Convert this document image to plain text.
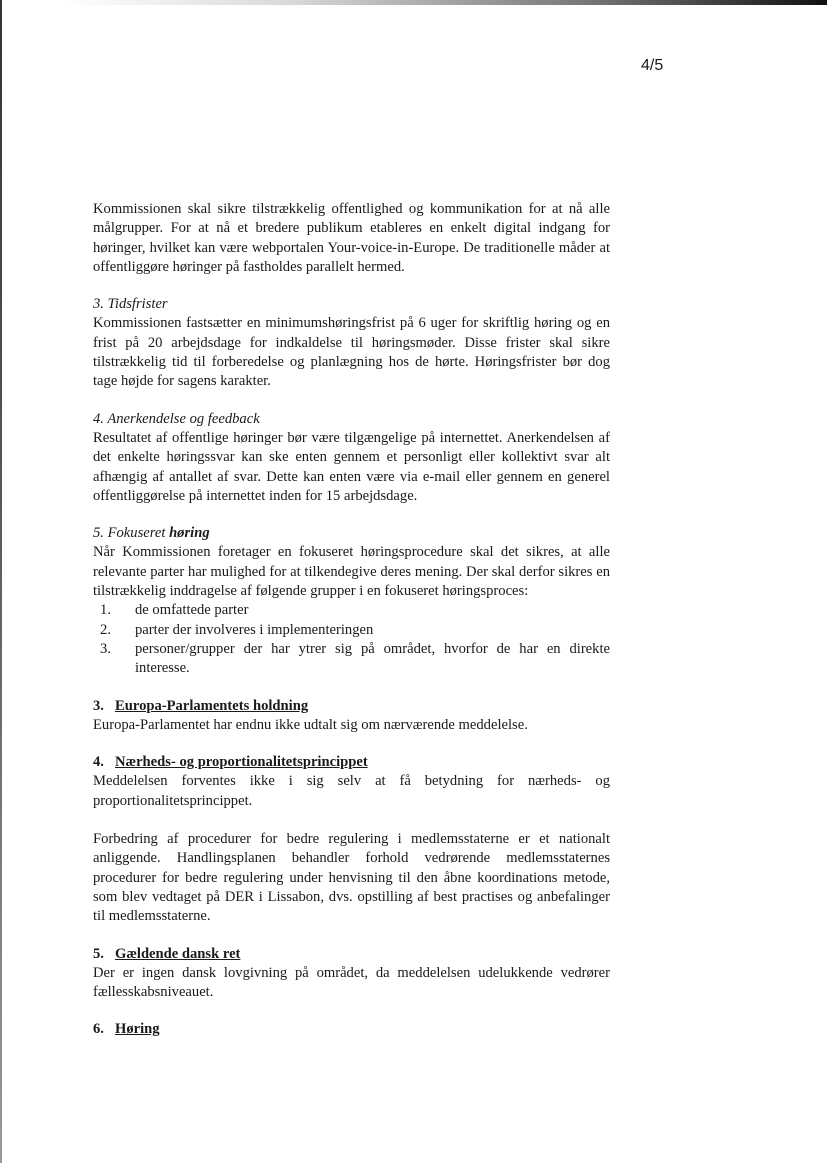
4/5

Kommissionen skal sikre tilstrækkelig offentlighed og kommunikation for at nå alle målgrupper. For at nå et bredere publikum etableres en enkelt digital indgang for høringer, hvilket kan være webportalen Your-voice-in-Europe. De traditionelle måder at offentliggøre høringer på fastholdes parallelt hermed.

3. Tidsfrister

Kommissionen fastsætter en minimumshøringsfrist på 6 uger for skriftlig høring og en frist på 20 arbejdsdage for indkaldelse til høringsmøder. Disse frister skal sikre tilstrækkelig tid til forberedelse og planlægning hos de hørte. Høringsfrister bør dog tage højde for sagens karakter.

4. Anerkendelse og feedback

Resultatet af offentlige høringer bør være tilgængelige på internettet. Anerkendelsen af det enkelte høringssvar kan ske enten gennem et personligt eller kollektivt svar alt afhængig af antallet af svar. Dette kan enten være via e-mail eller gennem en generel offentliggørelse på internettet inden for 15 arbejdsdage.

5. Fokuseret høring

Når Kommissionen foretager en fokuseret høringsprocedure skal det sikres, at alle relevante parter har mulighed for at tilkendegive deres mening. Der skal derfor sikres en tilstrækkelig inddragelse af følgende grupper i en fokuseret høringsproces:

1.	de omfattede parter
2.	parter der involveres i implementeringen
3.	personer/grupper der har ytrer sig på området, hvorfor de har en direkte interesse.
3. Europa-Parlamentets holdning

Europa-Parlamentet har endnu ikke udtalt sig om nærværende meddelelse.

4. Nærheds- og proportionalitetsprincippet

Meddelelsen forventes ikke i sig selv at få betydning for nærheds- og proportionalitetsprincippet.

Forbedring af procedurer for bedre regulering i medlemsstaterne er et nationalt anliggende. Handlingsplanen behandler forhold vedrørende medlemsstaternes procedurer for bedre regulering under henvisning til den åbne koordinations metode, som blev vedtaget på DER i Lissabon, dvs. opstilling af best practises og anbefalinger til medlemsstaterne.

5. Gældende dansk ret

Der er ingen dansk lovgivning på området, da meddelelsen udelukkende vedrører fællesskabsniveauet.

6. Høring
